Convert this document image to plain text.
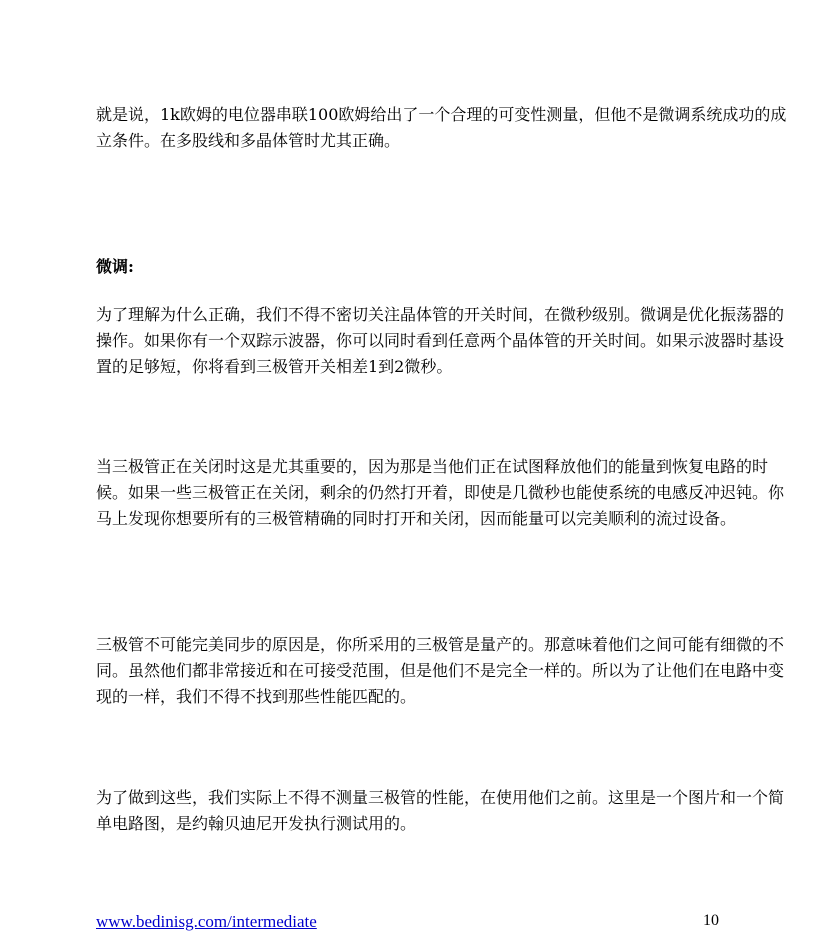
就是说，1k欧姆的电位器串联100欧姆给出了一个合理的可变性测量，但他不是微调系统成功的成立条件。在多股线和多晶体管时尤其正确。

微调:

为了理解为什么正确，我们不得不密切关注晶体管的开关时间，在微秒级别。微调是优化振荡器的操作。如果你有一个双踪示波器，你可以同时看到任意两个晶体管的开关时间。如果示波器时基设置的足够短，你将看到三极管开关相差1到2微秒。

当三极管正在关闭时这是尤其重要的，因为那是当他们正在试图释放他们的能量到恢复电路的时候。如果一些三极管正在关闭，剩余的仍然打开着，即使是几微秒也能使系统的电感反冲迟钝。你马上发现你想要所有的三极管精确的同时打开和关闭，因而能量可以完美顺利的流过设备。

三极管不可能完美同步的原因是，你所采用的三极管是量产的。那意味着他们之间可能有细微的不同。虽然他们都非常接近和在可接受范围，但是他们不是完全一样的。所以为了让他们在电路中变现的一样，我们不得不找到那些性能匹配的。

为了做到这些，我们实际上不得不测量三极管的性能，在使用他们之前。这里是一个图片和一个简单电路图，是约翰贝迪尼开发执行测试用的。

www.bedinisg.com/intermediate	10
